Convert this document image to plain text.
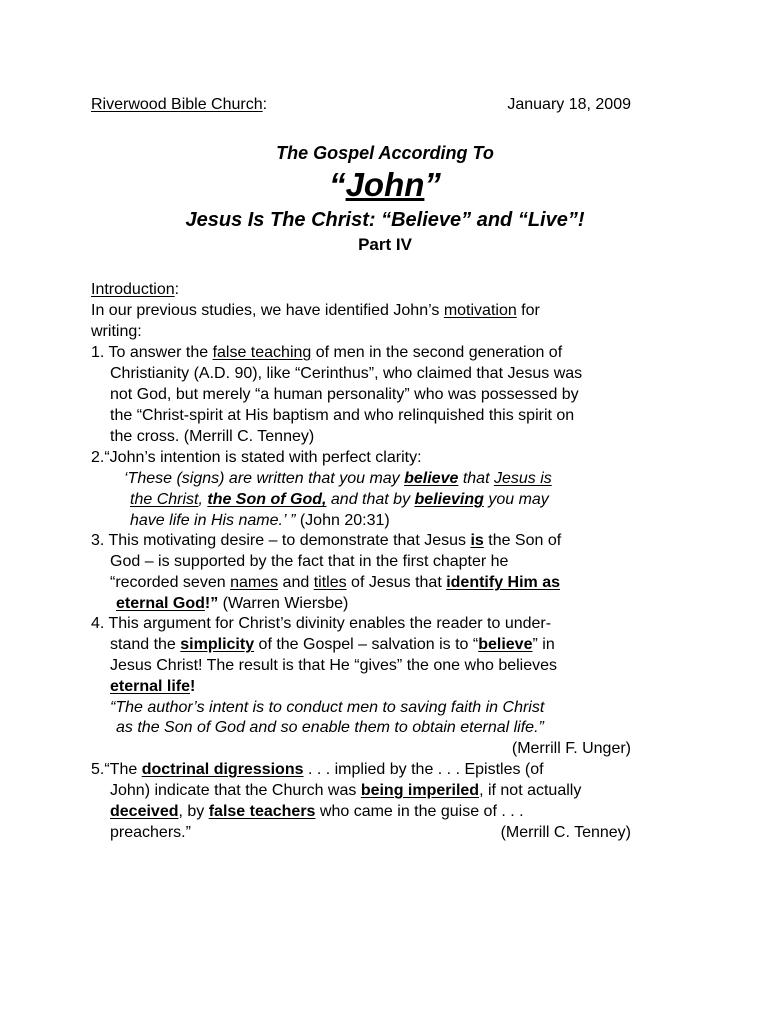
Riverwood Bible Church:	January 18, 2009
The Gospel According To
“John”
Jesus Is The Christ: “Believe” and “Live”!
Part IV
Introduction:
In our previous studies, we have identified John’s motivation for
writing:
1. To answer the false teaching of men in the second generation of
Christianity (A.D. 90), like “Cerinthus”, who claimed that Jesus was
not God, but merely “a human personality” who was possessed by
the “Christ-spirit at His baptism and who relinquished this spirit on
the cross. (Merrill C. Tenney)
2.“John’s intention is stated with perfect clarity:
‘These (signs) are written that you may believe that Jesus is
the Christ, the Son of God, and that by believing you may
have life in His name.’ ” (John 20:31)
3. This motivating desire – to demonstrate that Jesus is the Son of
God – is supported by the fact that in the first chapter he
“recorded seven names and titles of Jesus that identify Him as
eternal God!” (Warren Wiersbe)
4. This argument for Christ’s divinity enables the reader to under-
stand the simplicity of the Gospel – salvation is to “believe” in
Jesus Christ! The result is that He “gives” the one who believes
eternal life!
“The author’s intent is to conduct men to saving faith in Christ
as the Son of God and so enable them to obtain eternal life.”
(Merrill F. Unger)
5.“The doctrinal digressions . . . implied by the . . . Epistles (of
John) indicate that the Church was being imperiled, if not actually
deceived, by false teachers who came in the guise of . . .
preachers.”	(Merrill C. Tenney)
